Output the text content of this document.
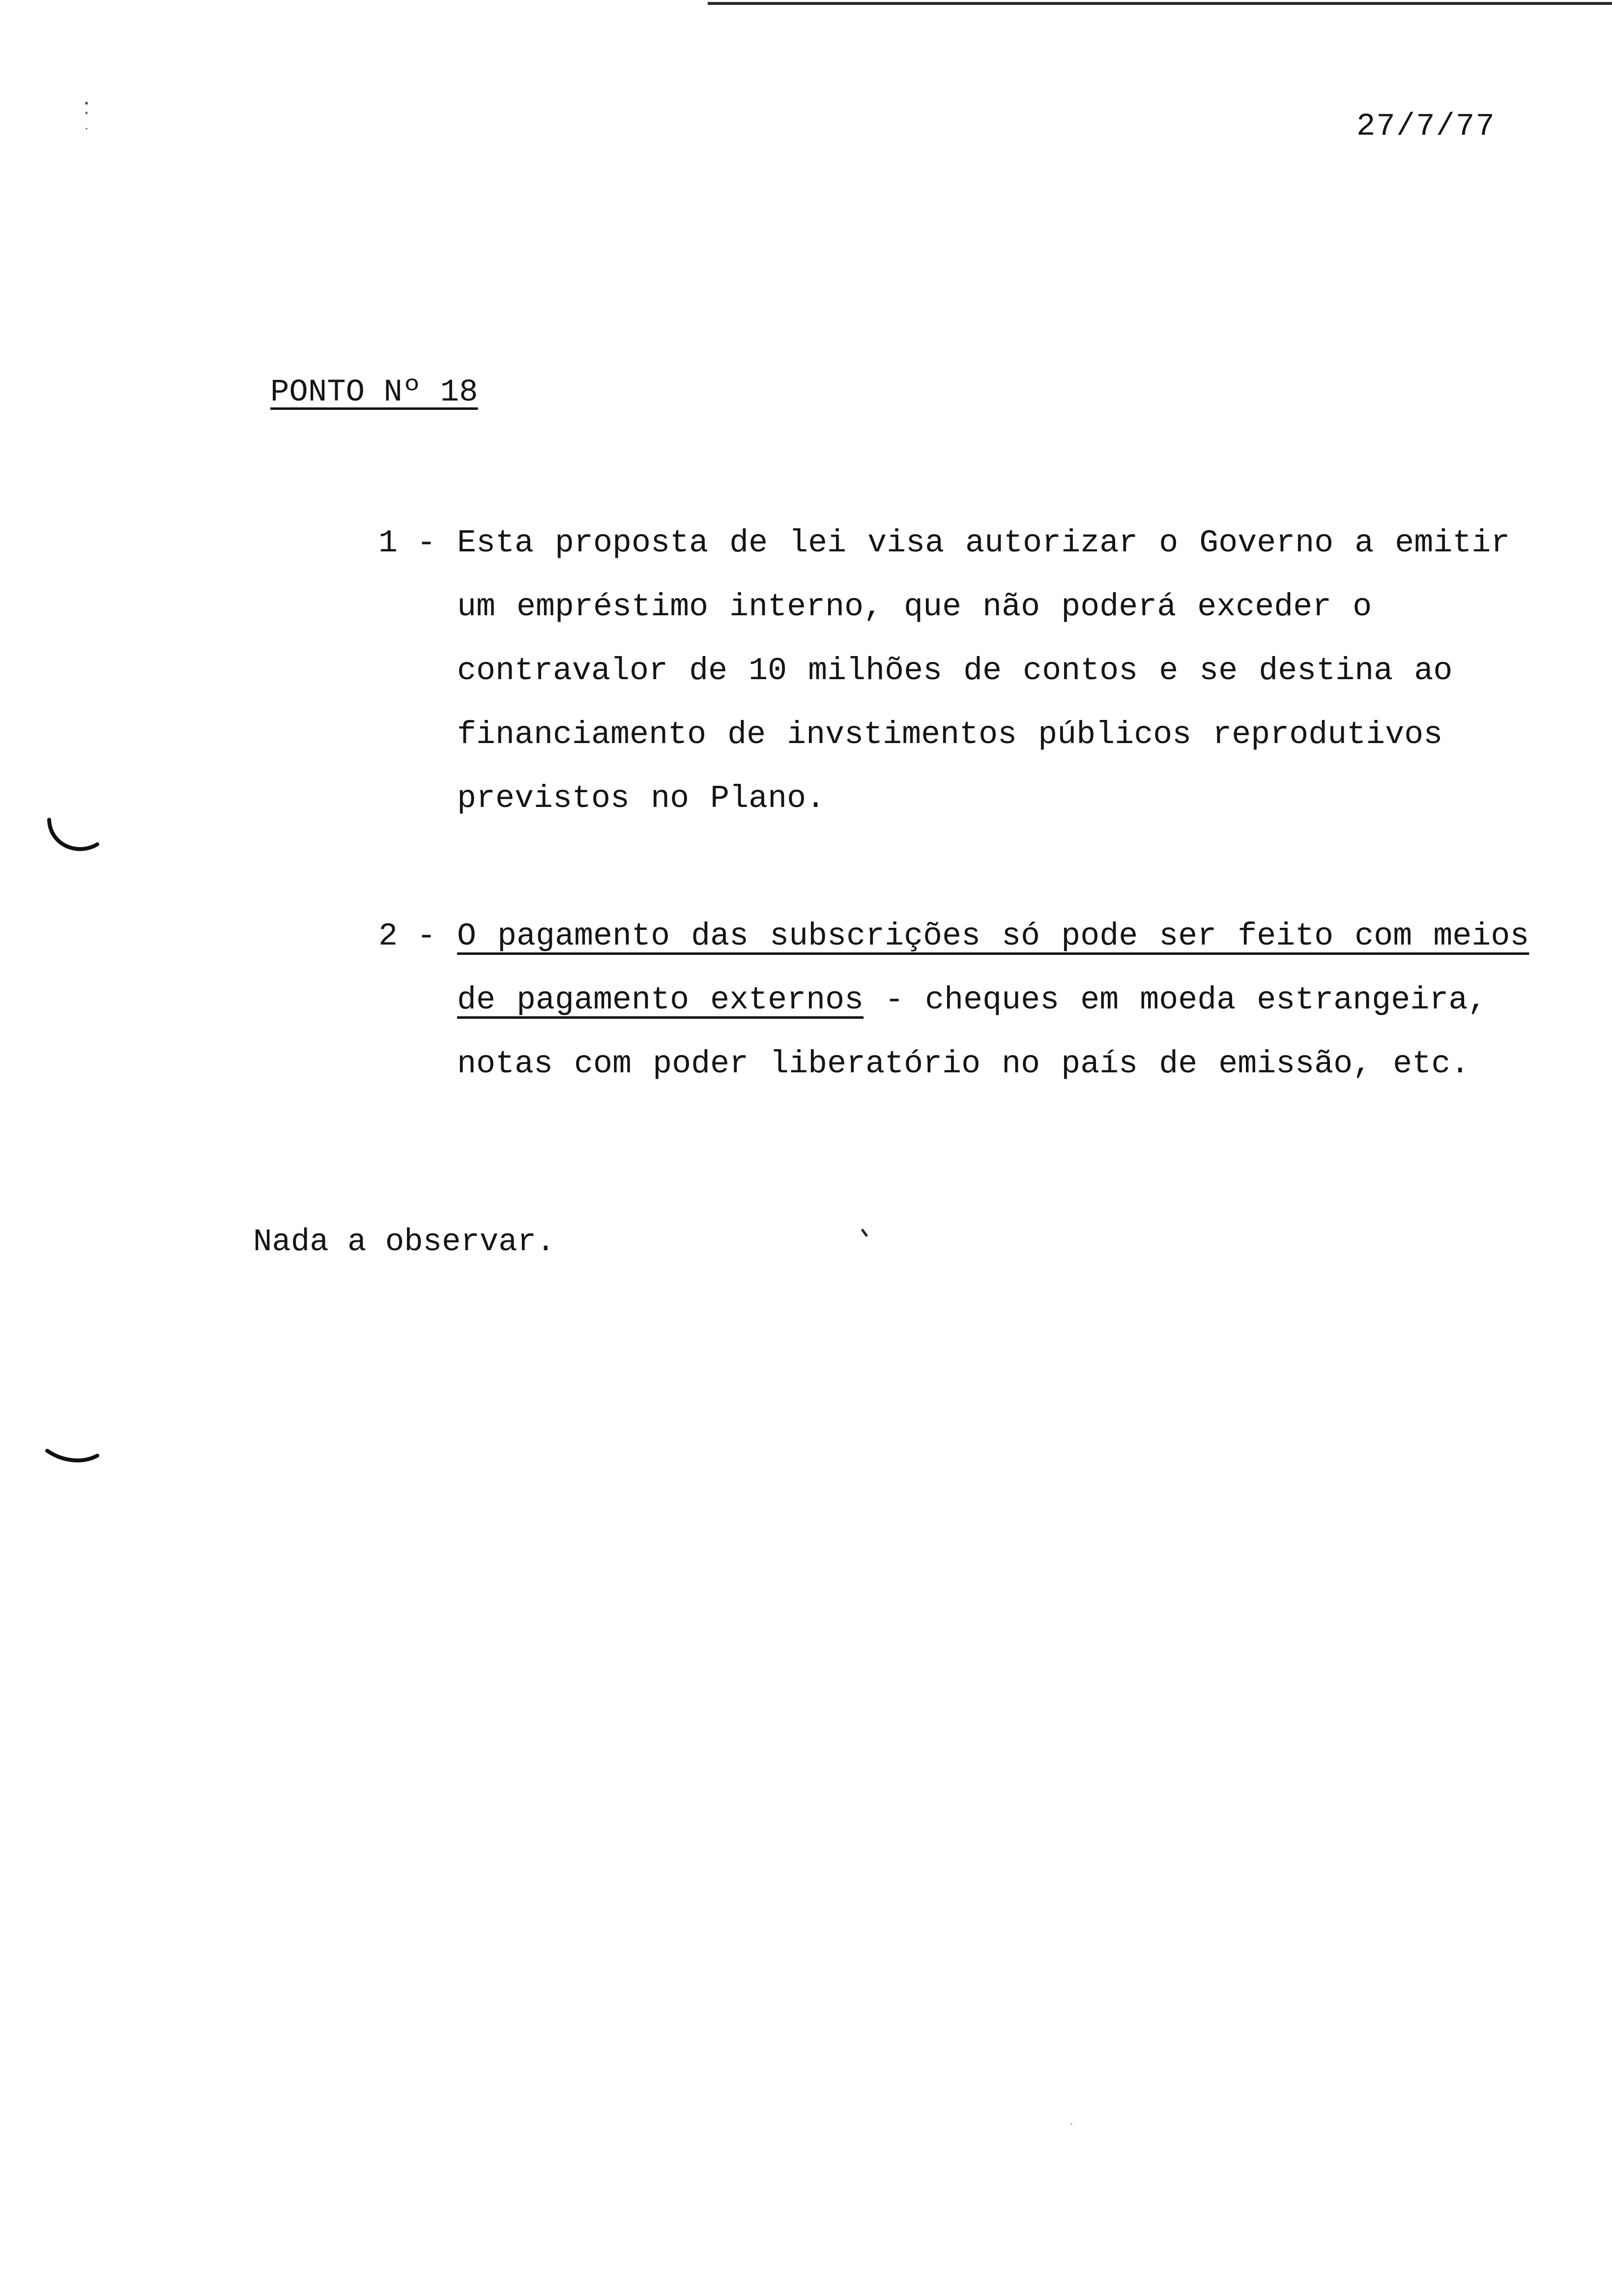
27/7/77
PONTO Nº 18
1 - Esta proposta de lei visa autorizar o Governo a emitir um empréstimo interno, que não poderá exceder o contravalor de 10 milhões de contos e se destina ao financiamento de invstimentos públicos reprodutivos previstos no Plano.
2 - O pagamento das subscrições só pode ser feito com meios de pagamento externos - cheques em moeda estrangeira, notas com poder liberatório no país de emissão, etc.
Nada a observar.
